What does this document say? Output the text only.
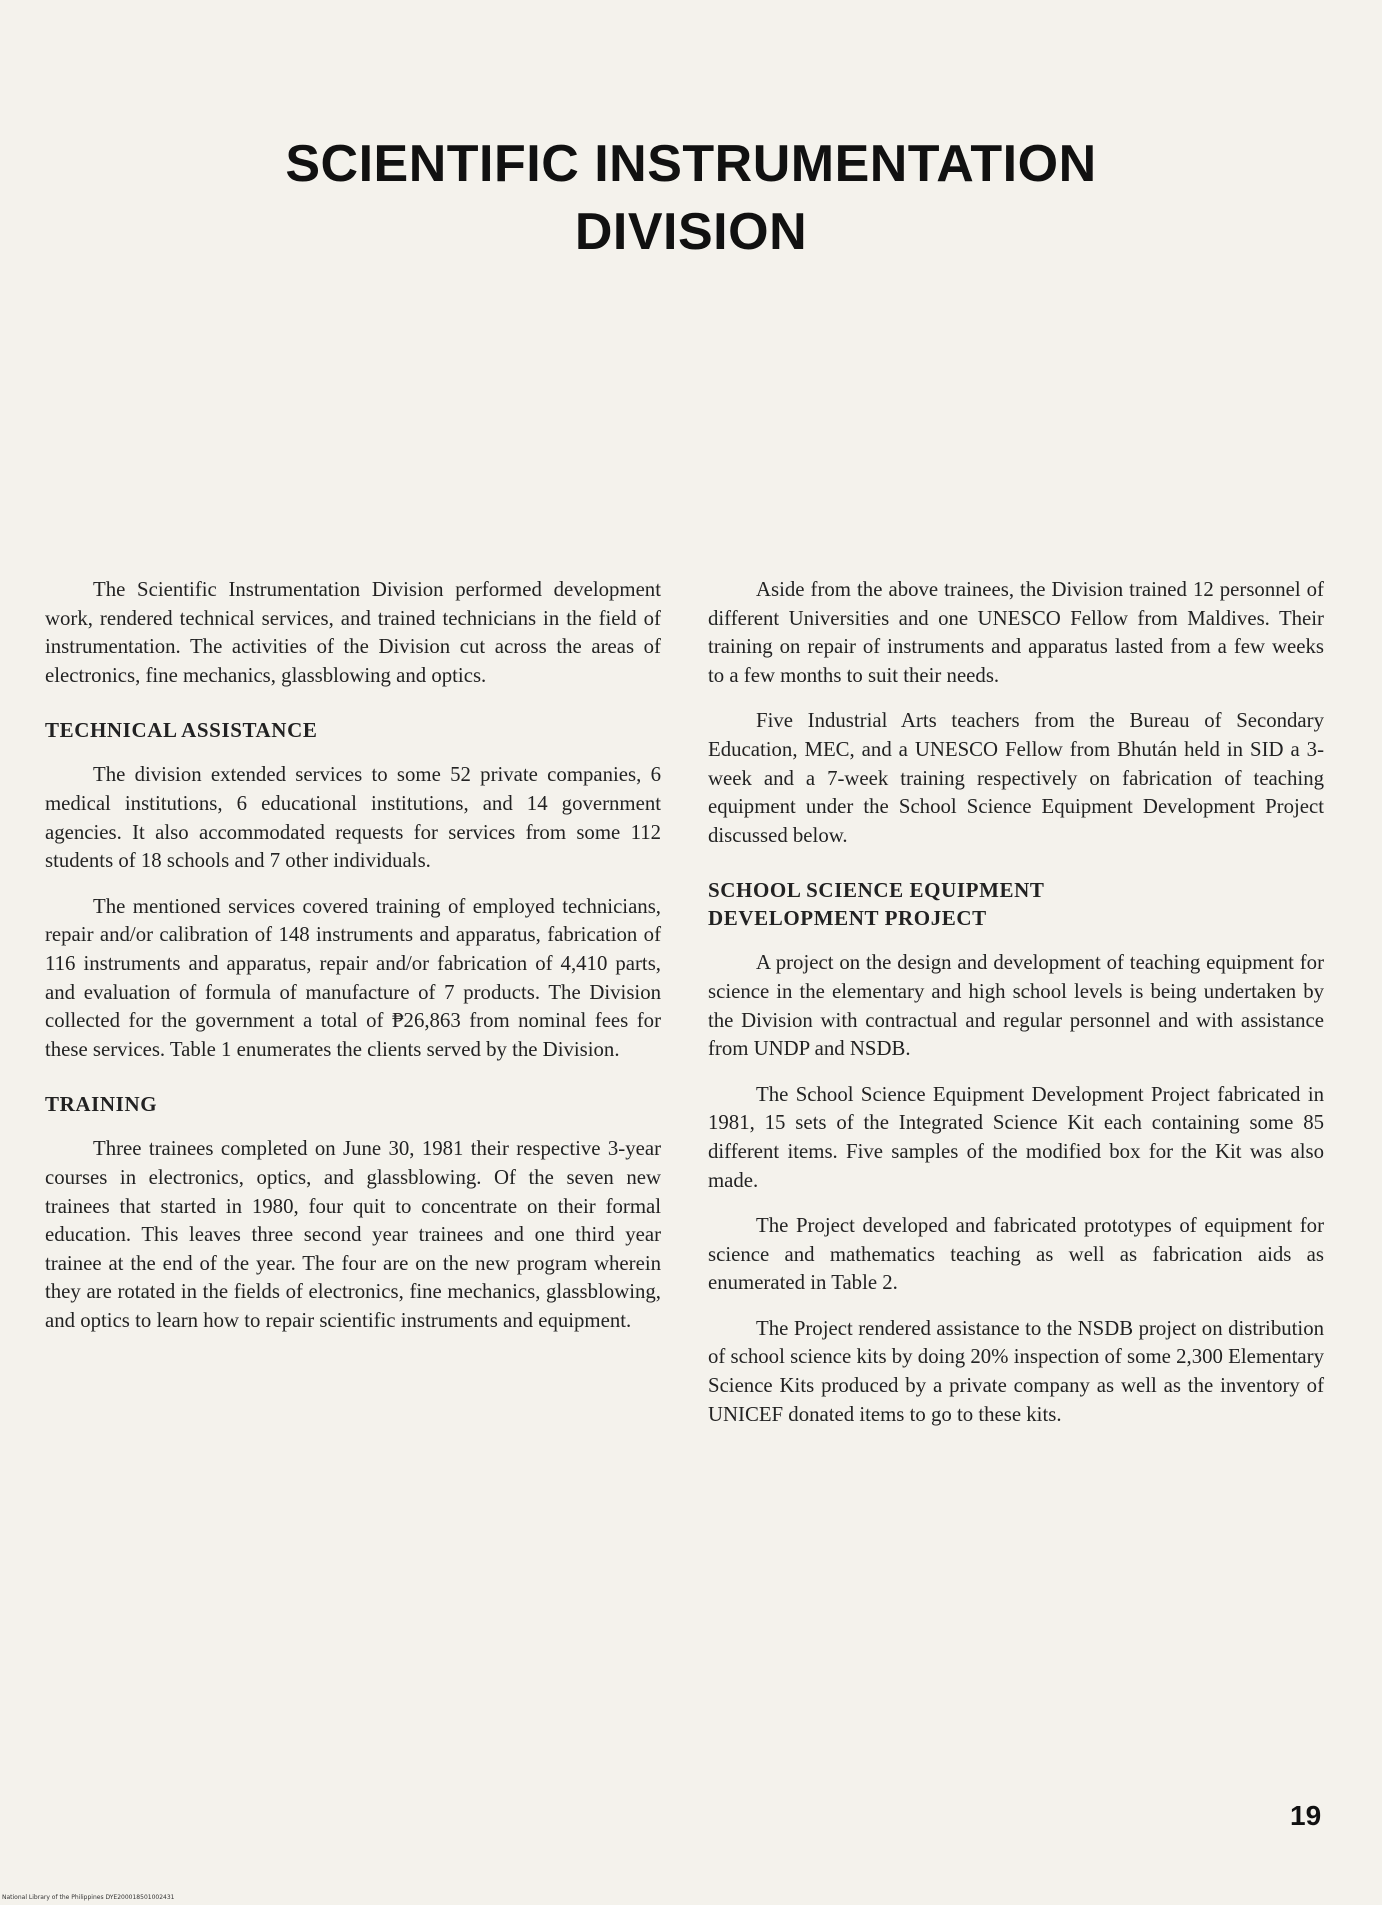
SCIENTIFIC INSTRUMENTATION
DIVISION

The Scientific Instrumentation Division performed development work, rendered technical services, and trained technicians in the field of instrumentation. The activities of the Division cut across the areas of electronics, fine mechanics, glassblowing and optics.

TECHNICAL ASSISTANCE

The division extended services to some 52 private companies, 6 medical institutions, 6 educational institutions, and 14 government agencies. It also accommodated requests for services from some 112 students of 18 schools and 7 other individuals.

The mentioned services covered training of employed technicians, repair and/or calibration of 148 instruments and apparatus, fabrication of 116 instruments and apparatus, repair and/or fabrication of 4,410 parts, and evaluation of formula of manufacture of 7 products. The Division collected for the government a total of ₱26,863 from nominal fees for these services. Table 1 enumerates the clients served by the Division.

TRAINING

Three trainees completed on June 30, 1981 their respective 3-year courses in electronics, optics, and glassblowing. Of the seven new trainees that started in 1980, four quit to concentrate on their formal education. This leaves three second year trainees and one third year trainee at the end of the year. The four are on the new program wherein they are rotated in the fields of electronics, fine mechanics, glassblowing, and optics to learn how to repair scientific instruments and equipment.

Aside from the above trainees, the Division trained 12 personnel of different Universities and one UNESCO Fellow from Maldives. Their training on repair of instruments and apparatus lasted from a few weeks to a few months to suit their needs.

Five Industrial Arts teachers from the Bureau of Secondary Education, MEC, and a UNESCO Fellow from Bhután held in SID a 3-week and a 7-week training respectively on fabrication of teaching equipment under the School Science Equipment Development Project discussed below.

SCHOOL SCIENCE EQUIPMENT
DEVELOPMENT PROJECT

A project on the design and development of teaching equipment for science in the elementary and high school levels is being undertaken by the Division with contractual and regular personnel and with assistance from UNDP and NSDB.

The School Science Equipment Development Project fabricated in 1981, 15 sets of the Integrated Science Kit each containing some 85 different items. Five samples of the modified box for the Kit was also made.

The Project developed and fabricated prototypes of equipment for science and mathematics teaching as well as fabrication aids as enumerated in Table 2.

The Project rendered assistance to the NSDB project on distribution of school science kits by doing 20% inspection of some 2,300 Elementary Science Kits produced by a private company as well as the inventory of UNICEF donated items to go to these kits.

19
National Library of the Philippines DYE200018501002431
